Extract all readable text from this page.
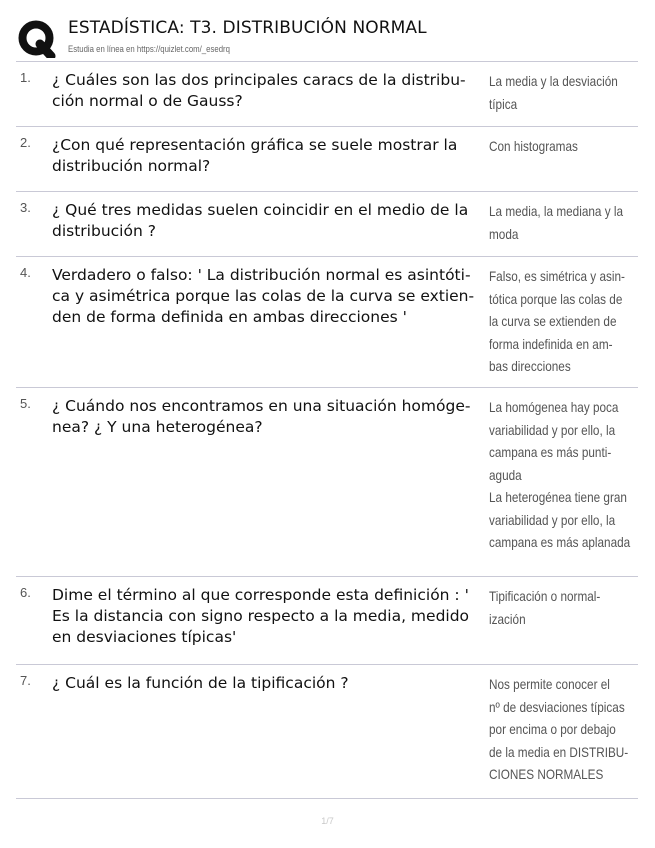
ESTADÍSTICA: T3. DISTRIBUCIÓN NORMAL
Estudia en línea en https://quizlet.com/_esedrq
1. ¿ Cuáles son las dos principales caracs de la distribu-
ción normal o de Gauss?
La media y la desviación
típica
2. ¿Con qué representación gráfica se suele mostrar la
distribución normal?
Con histogramas
3. ¿ Qué tres medidas suelen coincidir en el medio de la
distribución ?
La media, la mediana y la
moda
4. Verdadero o falso: ' La distribución normal es asintóti-
ca y asimétrica porque las colas de la curva se extien-
den de forma definida en ambas direcciones '
Falso, es simétrica y asin-
tótica porque las colas de
la curva se extienden de
forma indefinida en am-
bas direcciones
5. ¿ Cuándo nos encontramos en una situación homóge-
nea? ¿ Y una heterogénea?
La homógenea hay poca
variabilidad y por ello, la
campana es más punti-
aguda
La heterogénea tiene gran
variabilidad y por ello, la
campana es más aplanada
6. Dime el término al que corresponde esta definición : '
Es la distancia con signo respecto a la media, medido
en desviaciones típicas'
Tipificación o normal-
ización
7. ¿ Cuál es la función de la tipificación ?	Nos permite conocer el
nº de desviaciones típicas
por encima o por debajo
de la media en DISTRIBU-
CIONES NORMALES
1/7
